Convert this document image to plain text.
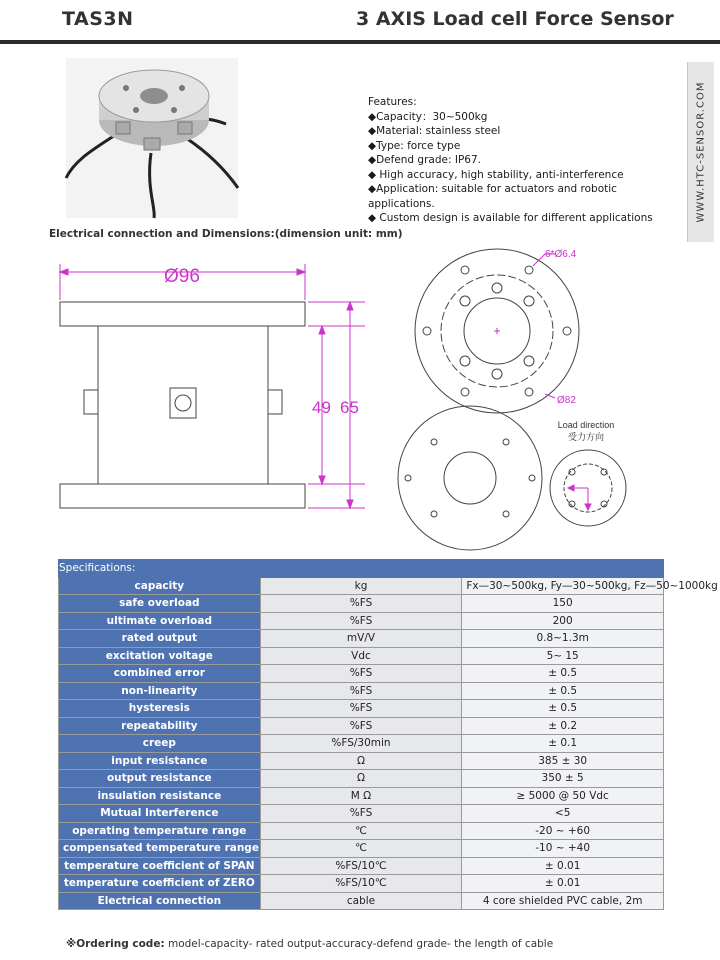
TAS3N	3 AXIS Load cell Force Sensor
Features:
◆Capacity：30~500kg
◆Material: stainless steel
◆Type: force type
◆Defend grade: IP67.
◆ High accuracy, high stability, anti-interference
◆Application: suitable for actuators and robotic applications.
◆ Custom design is available for different applications	WWW.HTC-SENSOR.COM
Electrical connection and Dimensions:(dimension unit: mm)
Ø96
49 65
6*Ø6.4
Ø82
Load direction
受力方向
Specifications:		
capacity	kg	Fx—30~500kg, Fy—30~500kg, Fz—50~1000kg
safe overload	%FS	150
ultimate overload	%FS	200
rated output	mV/V	0.8~1.3m
excitation voltage	Vdc	5~ 15
combined error	%FS	± 0.5
non-linearity	%FS	± 0.5
hysteresis	%FS	± 0.5
repeatability	%FS	± 0.2
creep	%FS/30min	± 0.1
input resistance	Ω	385 ± 30
output resistance	Ω	350 ± 5
insulation resistance	M Ω	≥ 5000 @ 50 Vdc
Mutual Interference	%FS	<5
operating temperature range	℃	-20 ~ +60
compensated temperature range	℃	-10 ~ +40
temperature coefficient of SPAN	%FS/10℃	± 0.01
temperature coefficient of ZERO	%FS/10℃	± 0.01
Electrical connection	cable	4 core shielded PVC cable, 2m
※Ordering code: model-capacity- rated output-accuracy-defend grade- the length of cable
